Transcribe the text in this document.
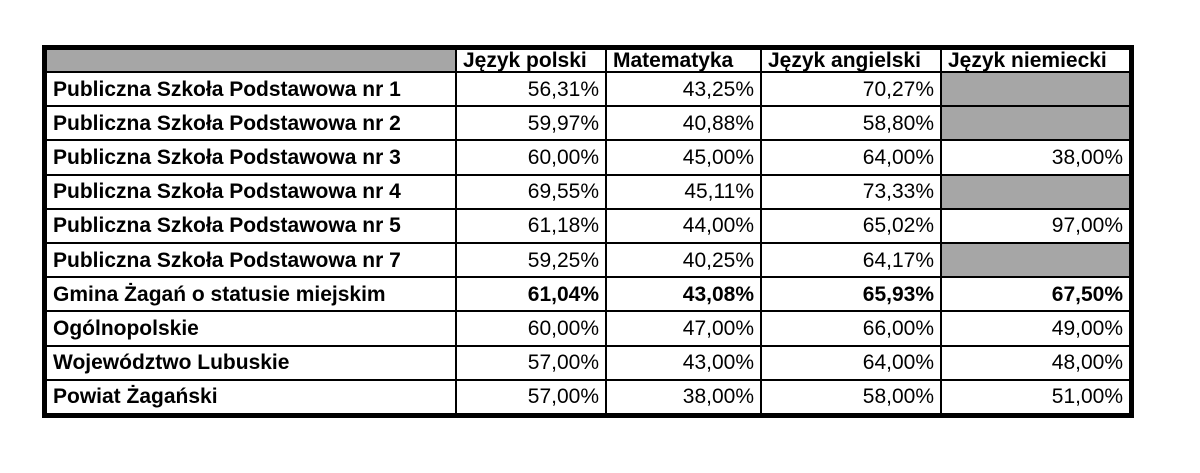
	Język polski	Matematyka	Język angielski	Język niemiecki
Publiczna Szkoła Podstawowa nr 1	56,31%	43,25%	70,27%	
Publiczna Szkoła Podstawowa nr 2	59,97%	40,88%	58,80%	
Publiczna Szkoła Podstawowa nr 3	60,00%	45,00%	64,00%	38,00%
Publiczna Szkoła Podstawowa nr 4	69,55%	45,11%	73,33%	
Publiczna Szkoła Podstawowa nr 5	61,18%	44,00%	65,02%	97,00%
Publiczna Szkoła Podstawowa nr 7	59,25%	40,25%	64,17%	
Gmina Żagań o statusie miejskim	61,04%	43,08%	65,93%	67,50%
Ogólnopolskie	60,00%	47,00%	66,00%	49,00%
Województwo Lubuskie	57,00%	43,00%	64,00%	48,00%
Powiat Żagański	57,00%	38,00%	58,00%	51,00%
